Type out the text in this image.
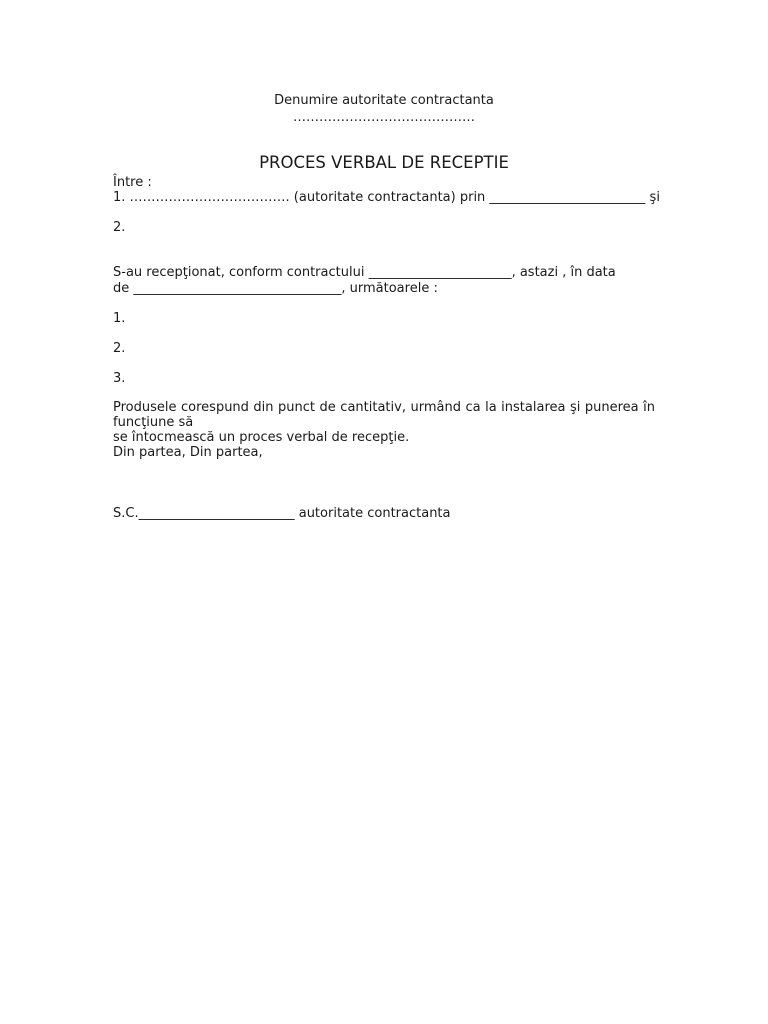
Denumire autoritate contractanta
……………………………………
PROCES VERBAL DE RECEPTIE
Între :
1. ………………………………. (autoritate contractanta) prin ________________________ şi
2.
S-au recepţionat, conform contractului ______________________, astazi , în data
de ________________________________, următoarele :
1.
2.
3.
Produsele corespund din punct de cantitativ, urmând ca la instalarea şi punerea în
funcţiune să
se întocmească un proces verbal de recepţie.
Din partea, Din partea,
S.C.________________________ autoritate contractanta
